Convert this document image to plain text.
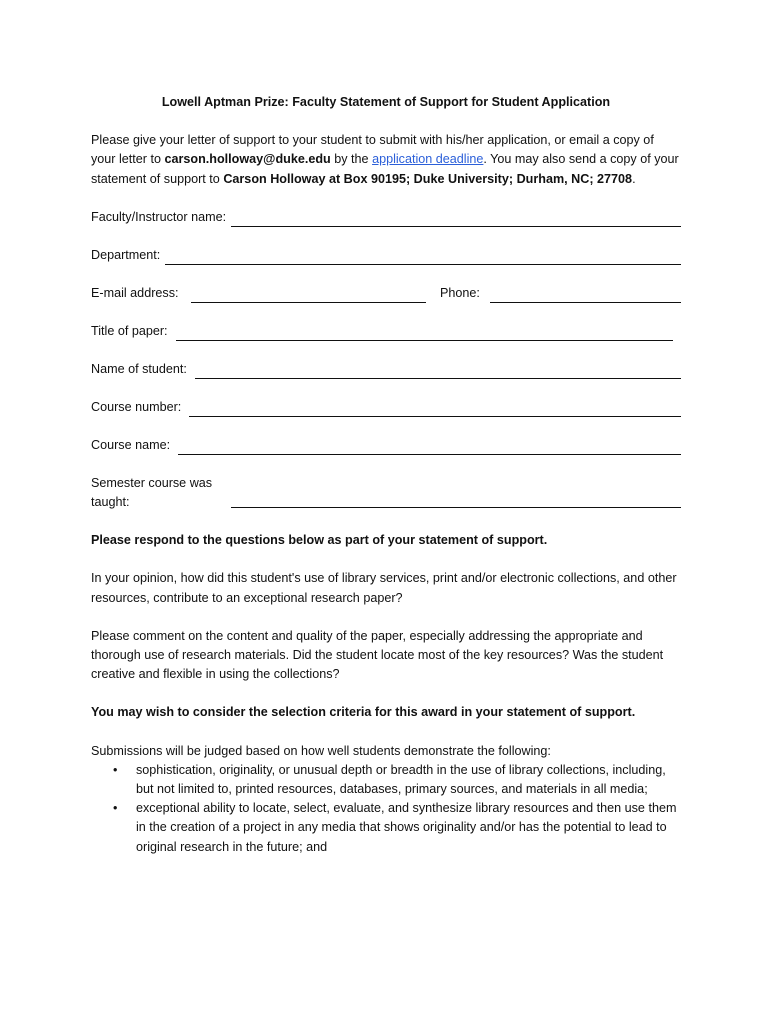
Lowell Aptman Prize: Faculty Statement of Support for Student Application

Please give your letter of support to your student to submit with his/her application, or email a copy of your letter to carson.holloway@duke.edu by the application deadline. You may also send a copy of your statement of support to Carson Holloway at Box 90195; Duke University; Durham, NC; 27708.
Faculty/Instructor name:
Department:
E-mail address:	Phone:
Title of paper:
Name of student:
Course number:
Course name:
Semester course was taught:
Please respond to the questions below as part of your statement of support.
In your opinion, how did this student's use of library services, print and/or electronic collections, and other resources, contribute to an exceptional research paper?
Please comment on the content and quality of the paper, especially addressing the appropriate and thorough use of research materials. Did the student locate most of the key resources? Was the student creative and flexible in using the collections?
You may wish to consider the selection criteria for this award in your statement of support.
Submissions will be judged based on how well students demonstrate the following:
• sophistication, originality, or unusual depth or breadth in the use of library collections, including, but not limited to, printed resources, databases, primary sources, and materials in all media;
• exceptional ability to locate, select, evaluate, and synthesize library resources and then use them in the creation of a project in any media that shows originality and/or has the potential to lead to original research in the future; and
